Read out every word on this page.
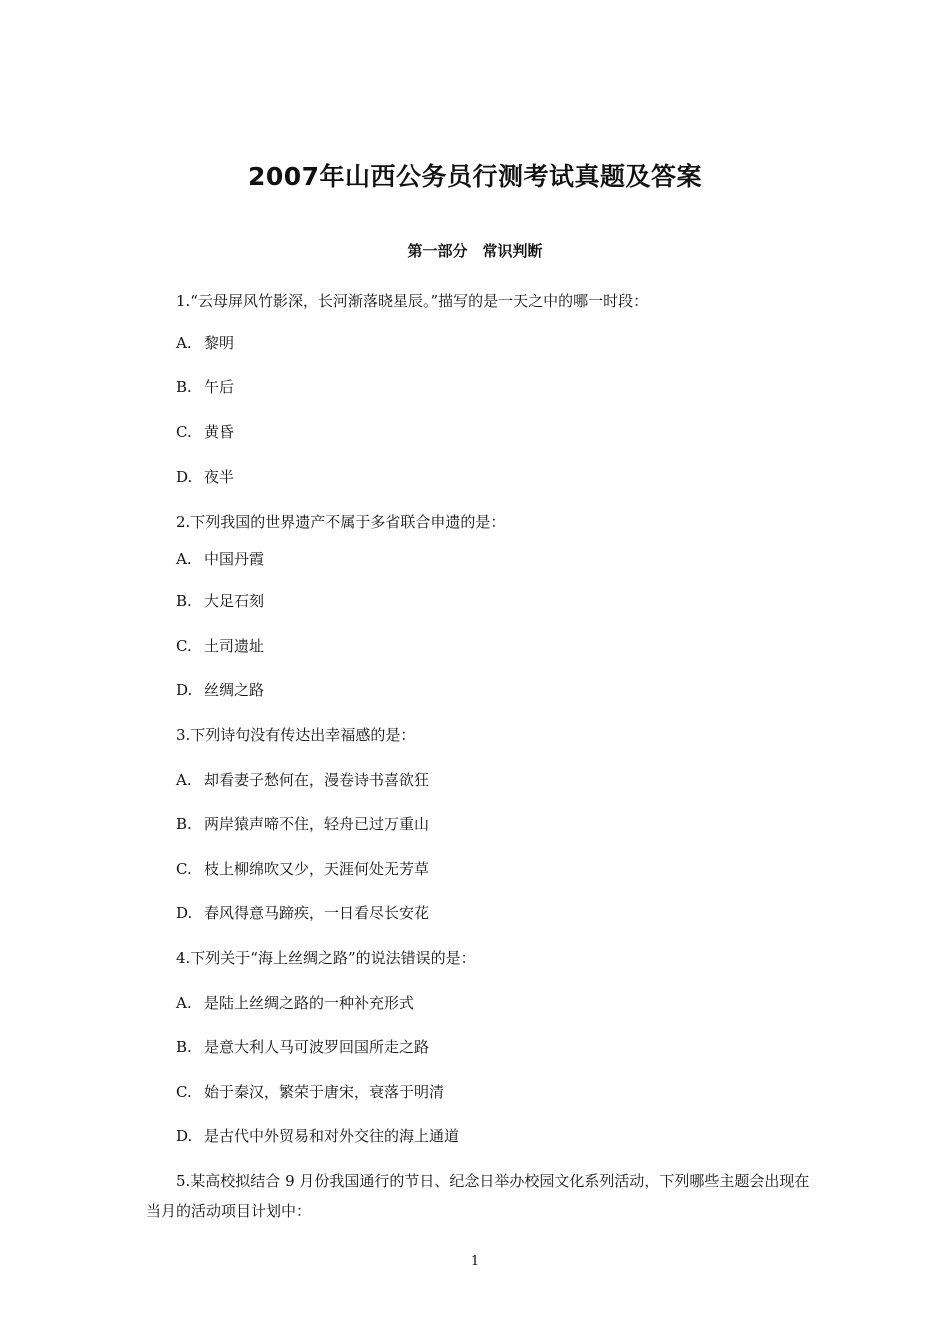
2007年山西公务员行测考试真题及答案
第一部分　常识判断
1.“云母屏风竹影深，长河渐落晓星辰。”描写的是一天之中的哪一时段：
A. 黎明
B. 午后
C. 黄昏
D. 夜半
2.下列我国的世界遗产不属于多省联合申遗的是：
A. 中国丹霞
B. 大足石刻
C. 土司遗址
D. 丝绸之路
3.下列诗句没有传达出幸福感的是：
A. 却看妻子愁何在，漫卷诗书喜欲狂
B. 两岸猿声啼不住，轻舟已过万重山
C. 枝上柳绵吹又少，天涯何处无芳草
D. 春风得意马蹄疾，一日看尽长安花
4.下列关于“海上丝绸之路”的说法错误的是：
A. 是陆上丝绸之路的一种补充形式
B. 是意大利人马可波罗回国所走之路
C. 始于秦汉，繁荣于唐宋，衰落于明清
D. 是古代中外贸易和对外交往的海上通道
5.某高校拟结合 9 月份我国通行的节日、纪念日举办校园文化系列活动，下列哪些主题会出现在当月的活动项目计划中：
1
